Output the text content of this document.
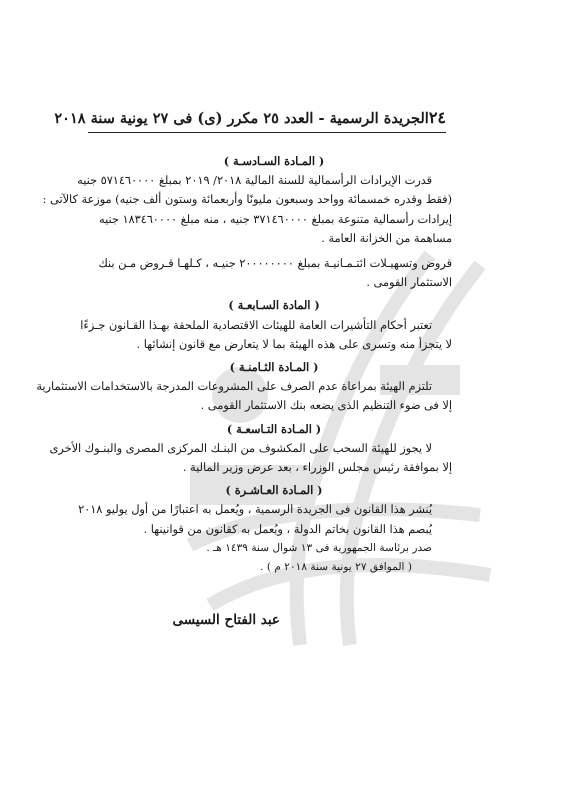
٢٤
الجريدة الرسمية - العدد ٢٥ مكرر (ى) فى ٢٧ يونية سنة ٢٠١٨
( المـادة السـادسـة )
قدرت الإيرادات الرأسمالية للسنة المالية ٢٠١٨/ ٢٠١٩ بمبلغ ٥٧١٤٦٠٠٠٠ جنيه
(فقط وقدره خمسمائة وواحد وسبعون مليونًا وأربعمائة وستون ألف جنيه) موزعة كالآتى :
إيرادات رأسمالية متنوعة بمبلغ ٣٧١٤٦٠٠٠٠ جنيه ، منه مبلغ ١٨٣٤٦٠٠٠٠ جنيه
مساهمة من الخزانة العامة .
قروض وتسهيـلات ائتـمـانيـة بمبلغ ٢٠٠٠٠٠٠٠٠ جنيـه ، كـلهـا قـروض مـن بنك
الاستثمار القومى .
( المادة السـابعـة )
تعتبر أحكام التأشيرات العامة للهيئات الاقتصادية الملحقة بهـذا القـانون جـزءًا
لا يتجزأ منه وتسرى على هذه الهيئة بما لا يتعارض مع قانون إنشائها .
( المـادة الثـامنـة )
تلتزم الهيئة بمراعاة عدم الصرف على المشروعات المدرجة بالاستخدامات الاستثمارية
إلا فى ضوء التنظيم الذى يضعه بنك الاستثمار القومى .
( المـادة التـاسعـة )
لا يجوز للهيئة السحب على المكشوف من البنـك المركزى المصرى والبنـوك الأخرى
إلا بموافقة رئيس مجلس الوزراء ، بعد عرض وزير المالية .
( المـادة العـاشـرة )
يُنشر هذا القانون فى الجريدة الرسمية ، ويُعمل به اعتبارًا من أول يوليو ٢٠١٨
يُبصم هذا القانون بخاتم الدولة ، ويُعمل به كقانون من قوانينها .
صدر برئاسة الجمهورية فى ١٣ شوال سنة ١٤٣٩ هـ .
( الموافق ٢٧ يونية سنة ٢٠١٨ م ) .
عبد الفتاح السيسى
